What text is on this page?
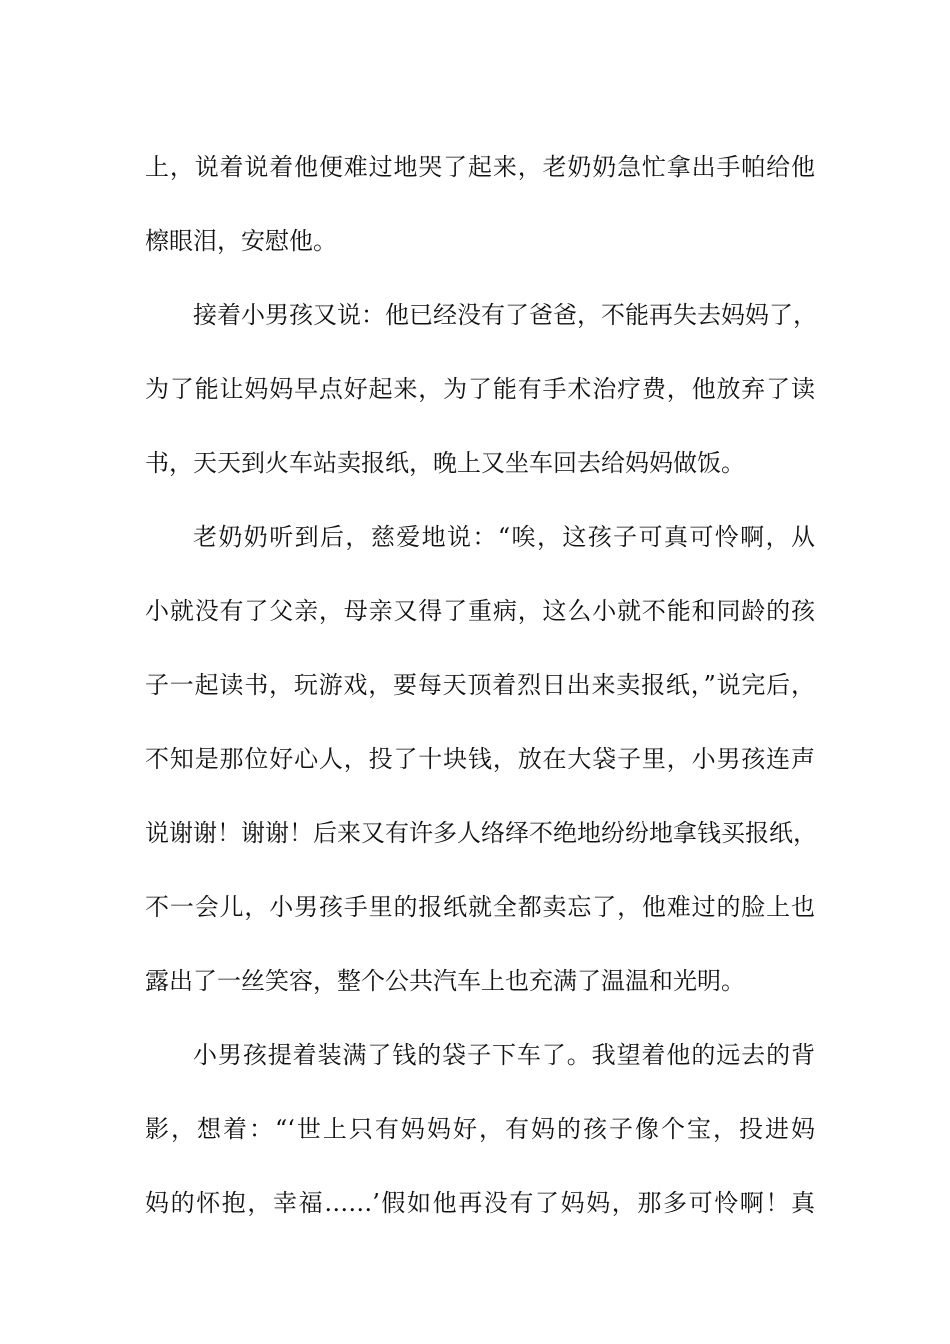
上，说着说着他便难过地哭了起来，老奶奶急忙拿出手帕给他
檫眼泪，安慰他。
接着小男孩又说：他已经没有了爸爸，不能再失去妈妈了，
为了能让妈妈早点好起来，为了能有手术治疗费，他放弃了读
书，天天到火车站卖报纸，晚上又坐车回去给妈妈做饭。
老奶奶听到后，慈爱地说：“唉，这孩子可真可怜啊，从
小就没有了父亲，母亲又得了重病，这么小就不能和同龄的孩
子一起读书，玩游戏，要每天顶着烈日出来卖报纸，”说完后，
不知是那位好心人，投了十块钱，放在大袋子里，小男孩连声
说谢谢！谢谢！后来又有许多人络绎不绝地纷纷地拿钱买报纸，
不一会儿，小男孩手里的报纸就全都卖忘了，他难过的脸上也
露出了一丝笑容，整个公共汽车上也充满了温温和光明。
小男孩提着装满了钱的袋子下车了。我望着他的远去的背
影，想着：“‘世上只有妈妈好，有妈的孩子像个宝，投进妈
妈的怀抱，幸福……’假如他再没有了妈妈，那多可怜啊！真
